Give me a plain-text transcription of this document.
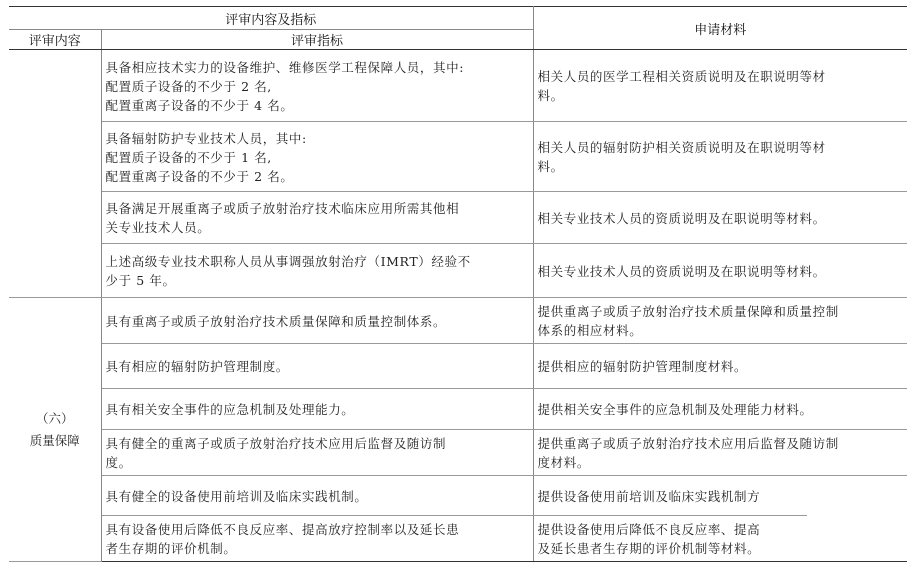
评审内容及指标		申请材料
评审内容	评审指标	

	具备相应技术实力的设备维护、维修医学工程保障人员，其中:
配置质子设备的不少于 2 名,
配置重离子设备的不少于 4 名。	相关人员的医学工程相关资质说明及在职说明等材
料。

	具备辐射防护专业技术人员，其中:
配置质子设备的不少于 1 名,
配置重离子设备的不少于 2 名。	相关人员的辐射防护相关资质说明及在职说明等材
料。

	具备满足开展重离子或质子放射治疗技术临床应用所需其他相
关专业技术人员。	相关专业技术人员的资质说明及在职说明等材料。

	上述高级专业技术职称人员从事调强放射治疗（IMRT）经验不
少于 5 年。	相关专业技术人员的资质说明及在职说明等材料。

（六）
质量保障	具有重离子或质子放射治疗技术质量保障和质量控制体系。	提供重离子或质子放射治疗技术质量保障和质量控制
体系的相应材料。

	具有相应的辐射防护管理制度。	提供相应的辐射防护管理制度材料。

	具有相关安全事件的应急机制及处理能力。	提供相关安全事件的应急机制及处理能力材料。

	具有健全的重离子或质子放射治疗技术应用后监督及随访制
度。	提供重离子或质子放射治疗技术应用后监督及随访制
度材料。

	具有健全的设备使用前培训及临床实践机制。	提供设备使用前培训及临床实践机制方

	具有设备使用后降低不良反应率、提高放疗控制率以及延长患
者生存期的评价机制。	提供设备使用后降低不良反应率、提高
及延长患者生存期的评价机制等材料。
